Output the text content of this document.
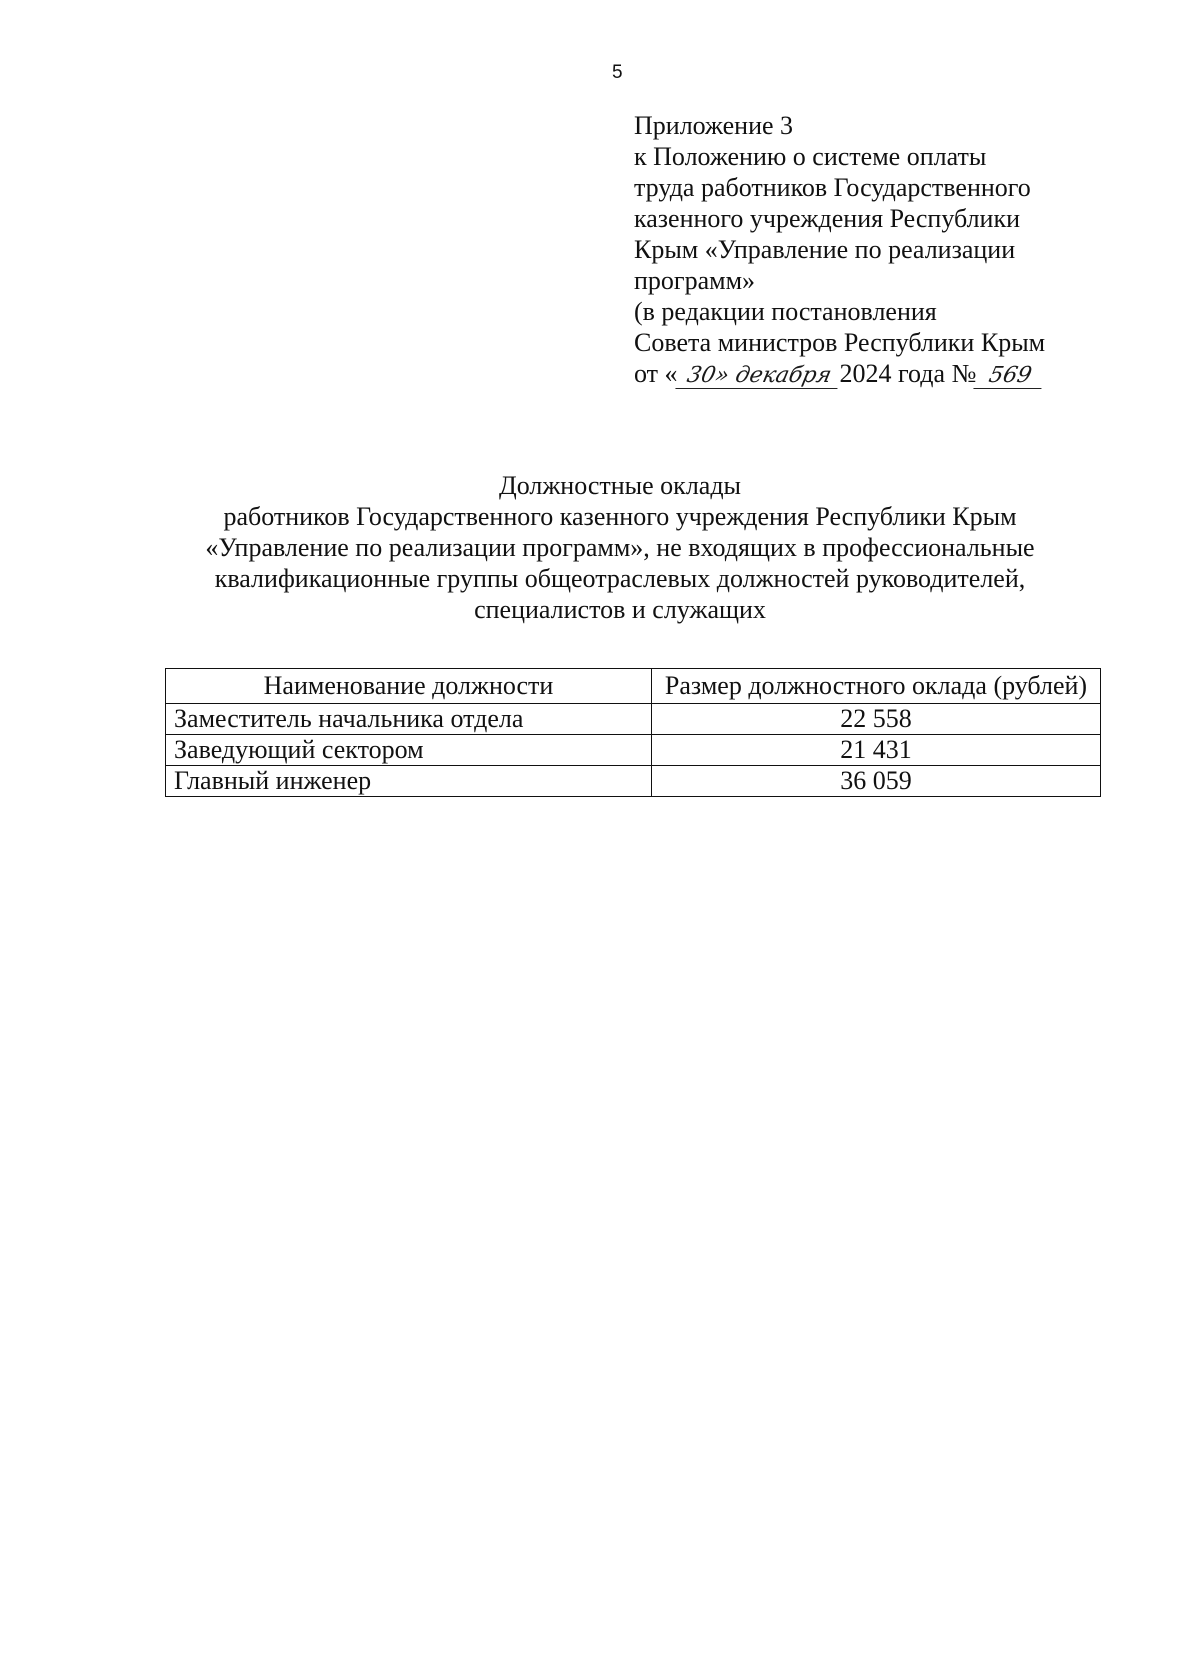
5
Приложение 3
к Положению о системе оплаты
труда работников Государственного
казенного учреждения Республики
Крым «Управление по реализации
программ»
(в редакции постановления
Совета министров Республики Крым
от « 30» декабря 2024 года № 569
Должностные оклады
работников Государственного казенного учреждения Республики Крым
«Управление по реализации программ», не входящих в профессиональные
квалификационные группы общеотраслевых должностей руководителей,
специалистов и служащих
Наименование должности	Размер должностного оклада (рублей)
Заместитель начальника отдела	22 558
Заведующий сектором	21 431
Главный инженер	36 059
